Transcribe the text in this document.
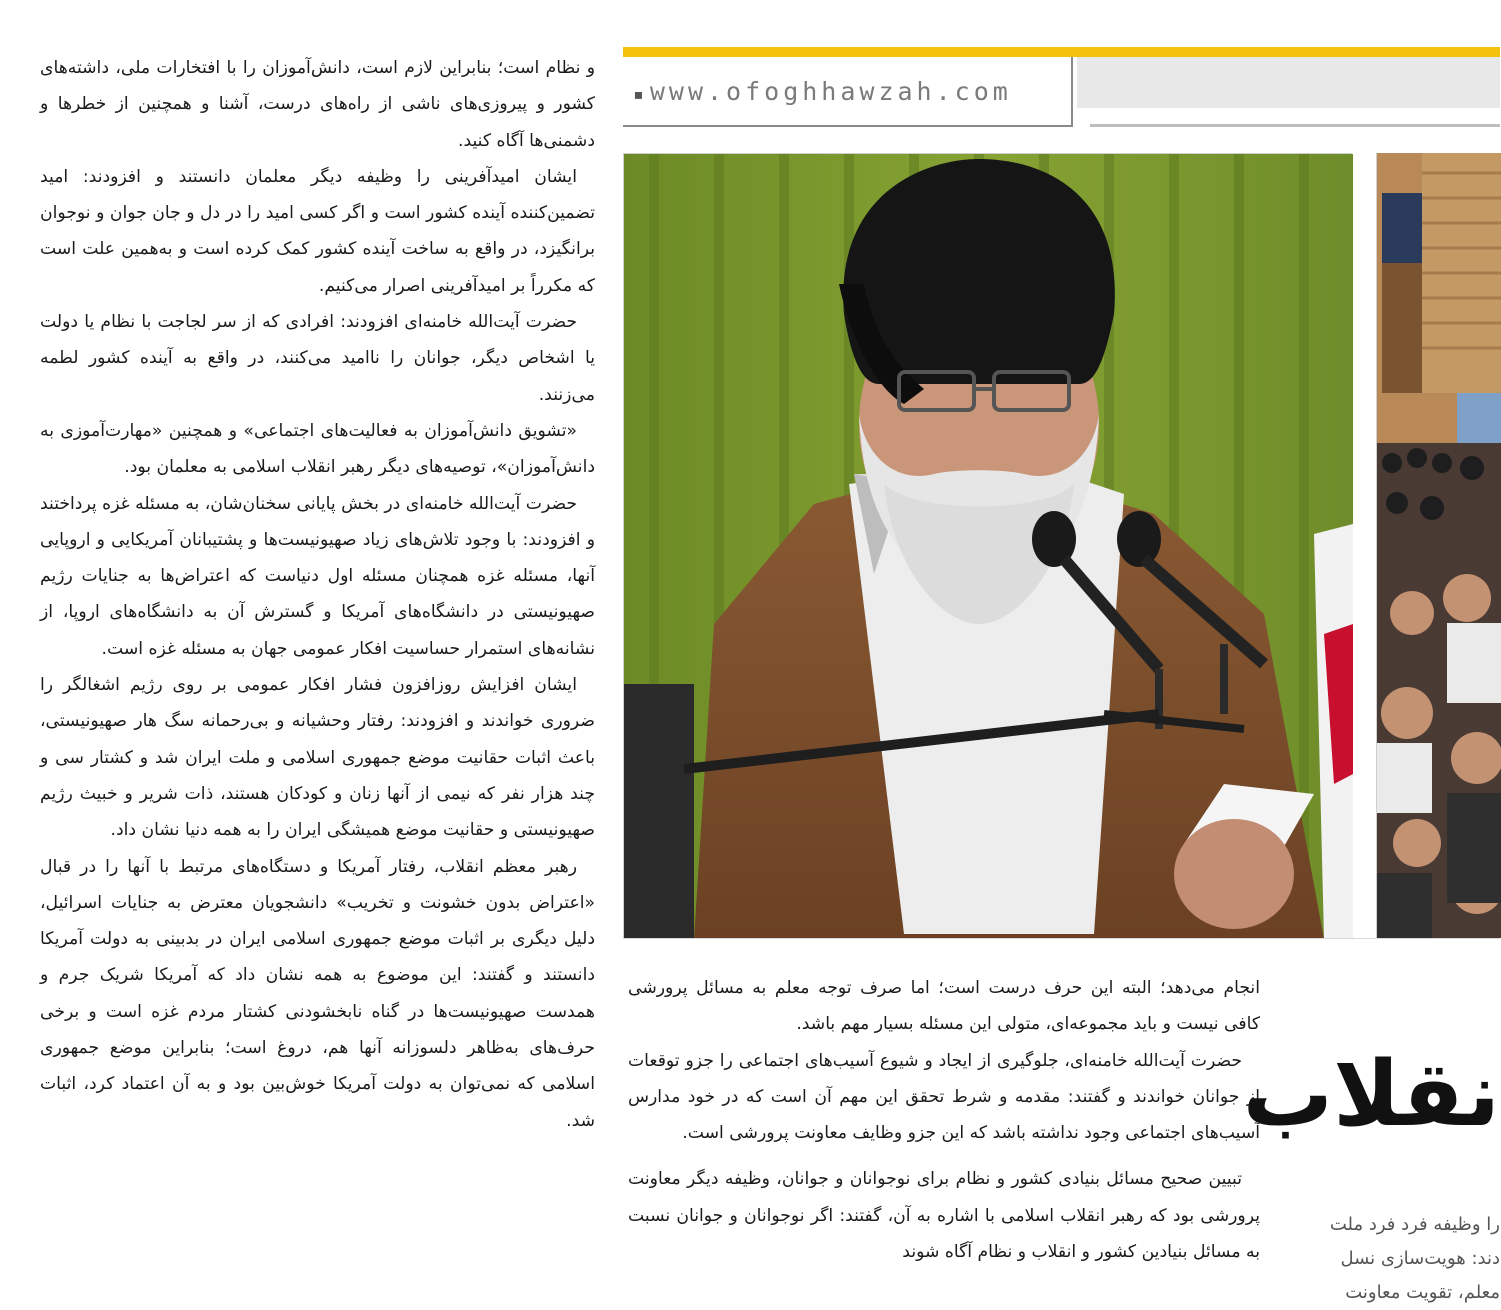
▪ www.ofoghhawzah.com

و نظام است؛ بنابراین لازم است، دانش‌آموزان را با افتخارات ملی، داشته‌های کشور و پیروزی‌های ناشی از راه‌های درست، آشنا و همچنین از خطرها و دشمنی‌ها آگاه کنید.

ایشان امیدآفرینی را وظیفه دیگر معلمان دانستند و افزودند: امید تضمین‌کننده آینده کشور است و اگر کسی امید را در دل و جان جوان و نوجوان برانگیزد، در واقع به ساخت آینده کشور کمک کرده است و به‌همین علت است که مکرراً بر امیدآفرینی اصرار می‌کنیم.

حضرت آیت‌الله خامنه‌ای افزودند: افرادی که از سر لجاجت با نظام یا دولت یا اشخاص دیگر، جوانان را ناامید می‌کنند، در واقع به آینده کشور لطمه می‌زنند.

«تشویق دانش‌آموزان به فعالیت‌های اجتماعی» و همچنین «مهارت‌آموزی به دانش‌آموزان»، توصیه‌های دیگر رهبر انقلاب اسلامی به معلمان بود.

حضرت آیت‌الله خامنه‌ای در بخش پایانی سخنان‌شان، به مسئله غزه پرداختند و افزودند: با وجود تلاش‌های زیاد صهیونیست‌ها و پشتیبانان آمریکایی و اروپایی آنها، مسئله غزه همچنان مسئله اول دنیاست که اعتراض‌ها به جنایات رژیم صهیونیستی در دانشگاه‌های آمریکا و گسترش آن به دانشگاه‌های اروپا، از نشانه‌های استمرار حساسیت افکار عمومی جهان به مسئله غزه است.

ایشان افزایش روزافزون فشار افکار عمومی بر روی رژیم اشغالگر را ضروری خواندند و افزودند: رفتار وحشیانه و بی‌رحمانه سگ هار صهیونیستی، باعث اثبات حقانیت موضع جمهوری اسلامی و ملت ایران شد و کشتار سی و چند هزار نفر که نیمی از آنها زنان و کودکان هستند، ذات شریر و خبیث رژیم صهیونیستی و حقانیت موضع همیشگی ایران را به همه دنیا نشان داد.

رهبر معظم انقلاب، رفتار آمریکا و دستگاه‌های مرتبط با آنها را در قبال «اعتراض بدون خشونت و تخریب» دانشجویان معترض به جنایات اسرائیل، دلیل دیگری بر اثبات موضع جمهوری اسلامی ایران در بدبینی به دولت آمریکا دانستند و گفتند: این موضوع به همه نشان داد که آمریکا شریک جرم و همدست صهیونیست‌ها در گناه نابخشودنی کشتار مردم غزه است و برخی حرف‌های به‌ظاهر دلسوزانه آنها هم، دروغ است؛ بنابراین موضع جمهوری اسلامی که نمی‌توان به دولت آمریکا خوش‌بین بود و به آن اعتماد کرد، اثبات شد.

انجام می‌دهد؛ البته این حرف درست است؛ اما صرف توجه معلم به مسائل پرورشی کافی نیست و باید مجموعه‌ای، متولی این مسئله بسیار مهم باشد.

حضرت آیت‌الله خامنه‌ای، جلوگیری از ایجاد و شیوع آسیب‌های اجتماعی را جزو توقعات از جوانان خواندند و گفتند: مقدمه و شرط تحقق این مهم آن است که در خود مدارس آسیب‌های اجتماعی وجود نداشته باشد که این جزو وظایف معاونت پرورشی است.

تبیین صحیح مسائل بنیادی کشور و نظام برای نوجوانان و جوانان، وظیفه دیگر معاونت پرورشی بود که رهبر انقلاب اسلامی با اشاره به آن، گفتند: اگر نوجوانان و جوانان نسبت به مسائل بنیادین کشور و انقلاب و نظام آگاه شوند

نقلاب

را وظیفه فرد فرد ملت

دند: هویت‌سازی نسل

معلم، تقویت معاونت
